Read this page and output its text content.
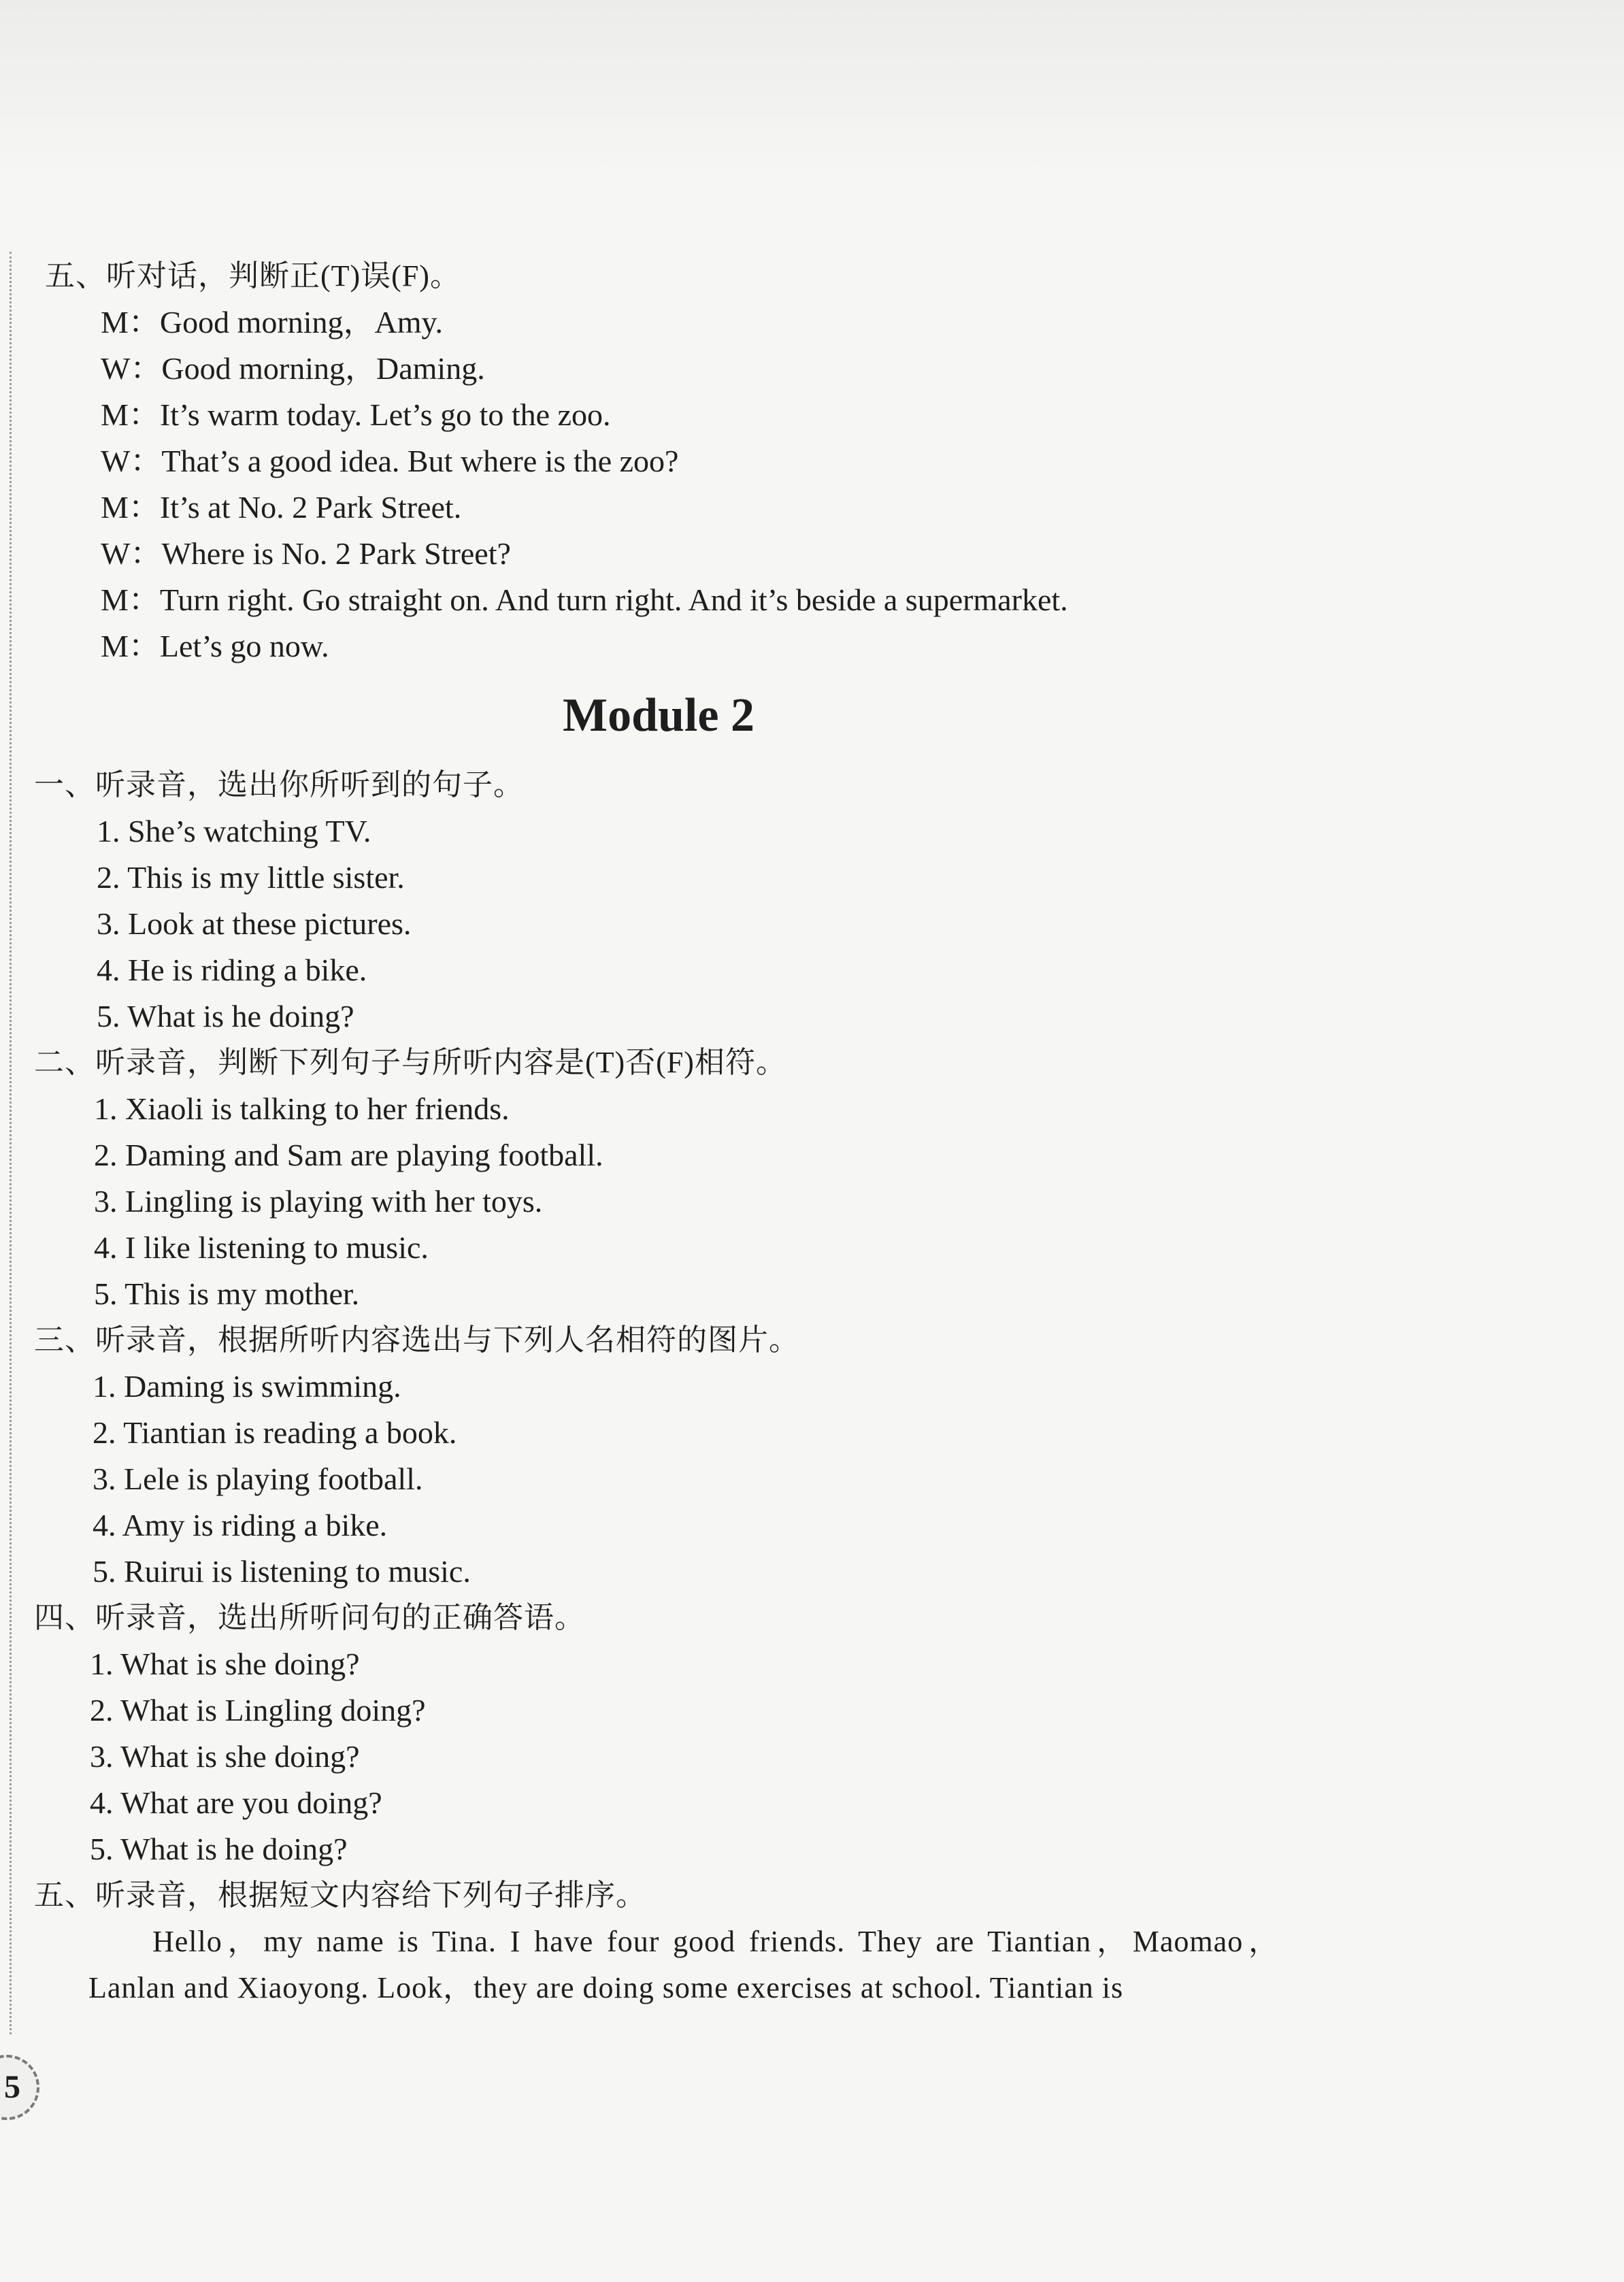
五、听对话，判断正(T)误(F)。
M：Good morning，Amy.
W：Good morning，Daming.
M：It’s warm today. Let’s go to the zoo.
W：That’s a good idea. But where is the zoo?
M：It’s at No. 2 Park Street.
W：Where is No. 2 Park Street?
M：Turn right. Go straight on. And turn right. And it’s beside a supermarket.
M：Let’s go now.
Module 2
一、听录音，选出你所听到的句子。
1. She’s watching TV.
2. This is my little sister.
3. Look at these pictures.
4. He is riding a bike.
5. What is he doing?
二、听录音，判断下列句子与所听内容是(T)否(F)相符。
1. Xiaoli is talking to her friends.
2. Daming and Sam are playing football.
3. Lingling is playing with her toys.
4. I like listening to music.
5. This is my mother.
三、听录音，根据所听内容选出与下列人名相符的图片。
1. Daming is swimming.
2. Tiantian is reading a book.
3. Lele is playing football.
4. Amy is riding a bike.
5. Ruirui is listening to music.
四、听录音，选出所听问句的正确答语。
1. What is she doing?
2. What is Lingling doing?
3. What is she doing?
4. What are you doing?
5. What is he doing?
五、听录音，根据短文内容给下列句子排序。
Hello，my name is Tina. I have four good friends. They are Tiantian，Maomao，Lanlan and Xiaoyong. Look，they are doing some exercises at school. Tiantian is
5
